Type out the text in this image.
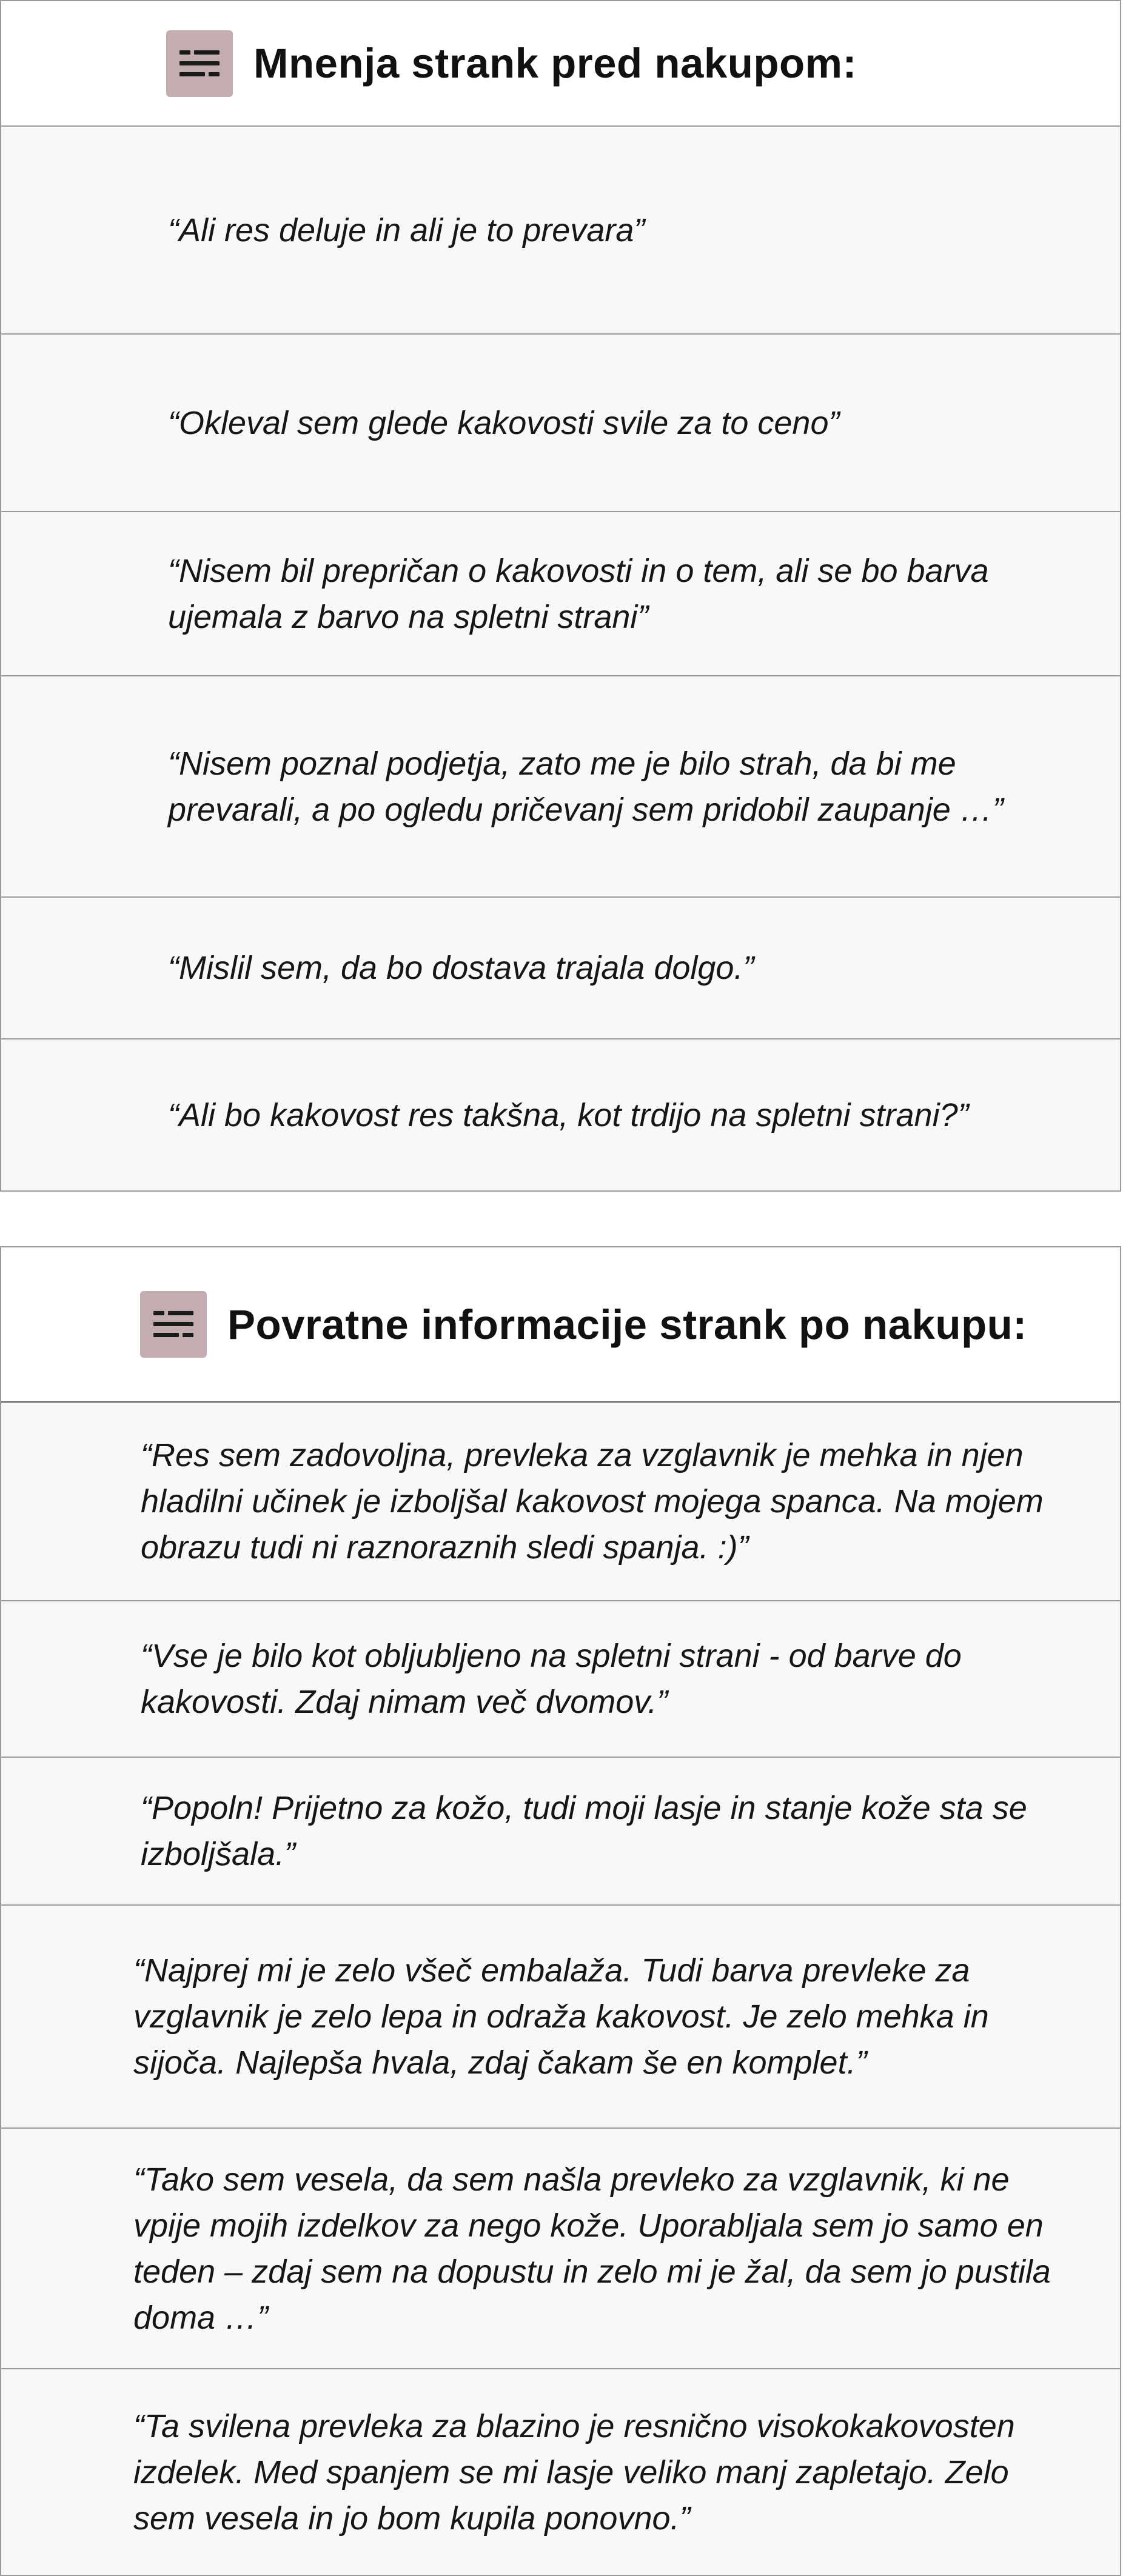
Mnenja strank pred nakupom:
“Ali res deluje in ali je to prevara”
“Okleval sem glede kakovosti svile za to ceno”
“Nisem bil prepričan o kakovosti in o tem, ali se bo barva ujemala z barvo na spletni strani”
“Nisem poznal podjetja, zato me je bilo strah, da bi me prevarali, a po ogledu pričevanj sem pridobil zaupanje …”
“Mislil sem, da bo dostava trajala dolgo.”
“Ali bo kakovost res takšna, kot trdijo na spletni strani?”
Povratne informacije strank po nakupu:
“Res sem zadovoljna, prevleka za vzglavnik je mehka in njen hladilni učinek je izboljšal kakovost mojega spanca. Na mojem obrazu tudi ni raznoraznih sledi spanja. :)”
“Vse je bilo kot obljubljeno na spletni strani - od barve do kakovosti. Zdaj nimam več dvomov.”
“Popoln! Prijetno za kožo, tudi moji lasje in stanje kože sta se izboljšala.”
“Najprej mi je zelo všeč embalaža. Tudi barva prevleke za vzglavnik je zelo lepa in odraža kakovost. Je zelo mehka in sijoča. Najlepša hvala, zdaj čakam še en komplet.”
“Tako sem vesela, da sem našla prevleko za vzglavnik, ki ne vpije mojih izdelkov za nego kože. Uporabljala sem jo samo en teden – zdaj sem na dopustu in zelo mi je žal, da sem jo pustila doma …”
“Ta svilena prevleka za blazino je resnično visokokakovosten izdelek. Med spanjem se mi lasje veliko manj zapletajo. Zelo sem vesela in jo bom kupila ponovno.”
